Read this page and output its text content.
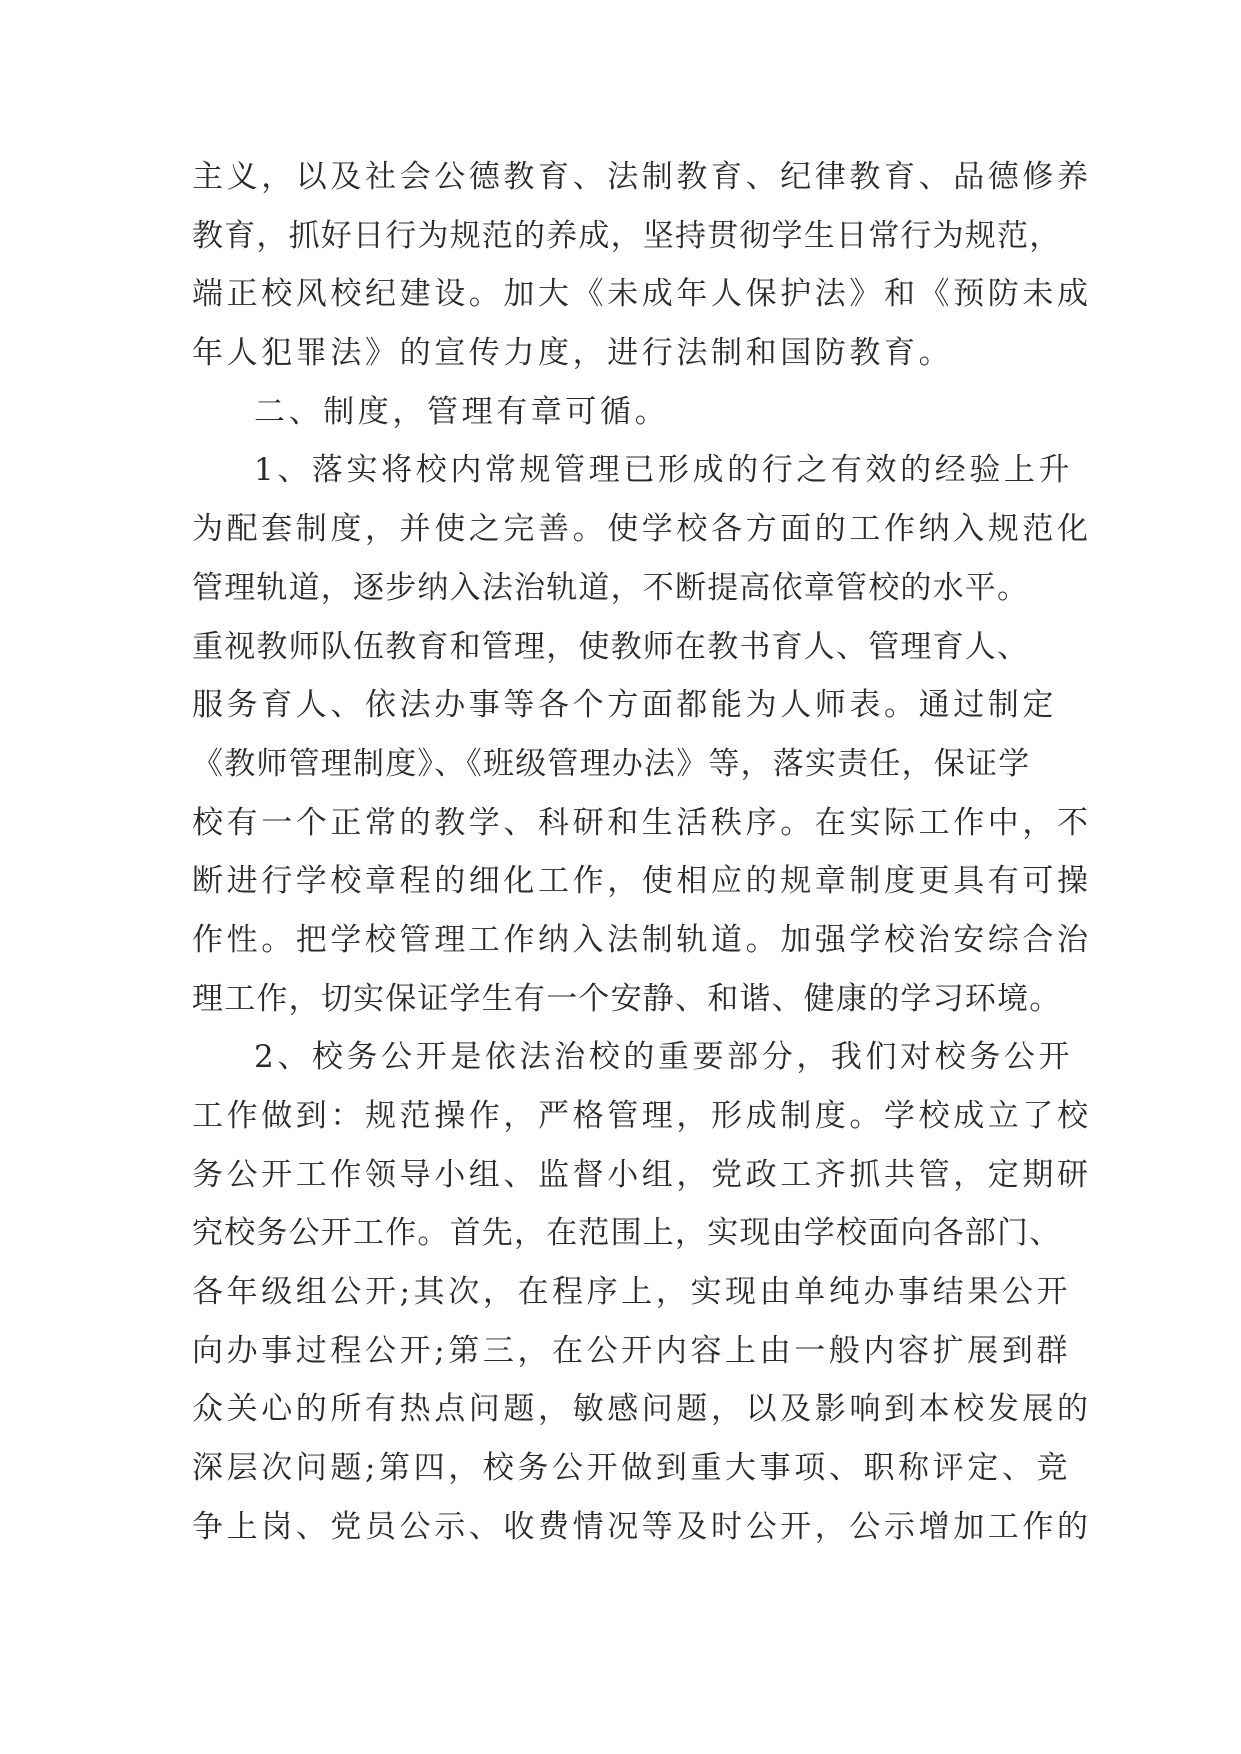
主义，以及社会公德教育、法制教育、纪律教育、品德修养
教育，抓好日行为规范的养成，坚持贯彻学生日常行为规范，
端正校风校纪建设。加大《未成年人保护法》和《预防未成
年人犯罪法》的宣传力度，进行法制和国防教育。
二、制度，管理有章可循。
1、落实将校内常规管理已形成的行之有效的经验上升
为配套制度，并使之完善。使学校各方面的工作纳入规范化
管理轨道，逐步纳入法治轨道，不断提高依章管校的水平。
重视教师队伍教育和管理，使教师在教书育人、管理育人、
服务育人、依法办事等各个方面都能为人师表。通过制定
《教师管理制度》、《班级管理办法》等，落实责任，保证学
校有一个正常的教学、科研和生活秩序。在实际工作中，不
断进行学校章程的细化工作，使相应的规章制度更具有可操
作性。把学校管理工作纳入法制轨道。加强学校治安综合治
理工作，切实保证学生有一个安静、和谐、健康的学习环境。
2、校务公开是依法治校的重要部分，我们对校务公开
工作做到：规范操作，严格管理，形成制度。学校成立了校
务公开工作领导小组、监督小组，党政工齐抓共管，定期研
究校务公开工作。首先，在范围上，实现由学校面向各部门、
各年级组公开;其次，在程序上，实现由单纯办事结果公开
向办事过程公开;第三，在公开内容上由一般内容扩展到群
众关心的所有热点问题，敏感问题，以及影响到本校发展的
深层次问题;第四，校务公开做到重大事项、职称评定、竞
争上岗、党员公示、收费情况等及时公开，公示增加工作的
